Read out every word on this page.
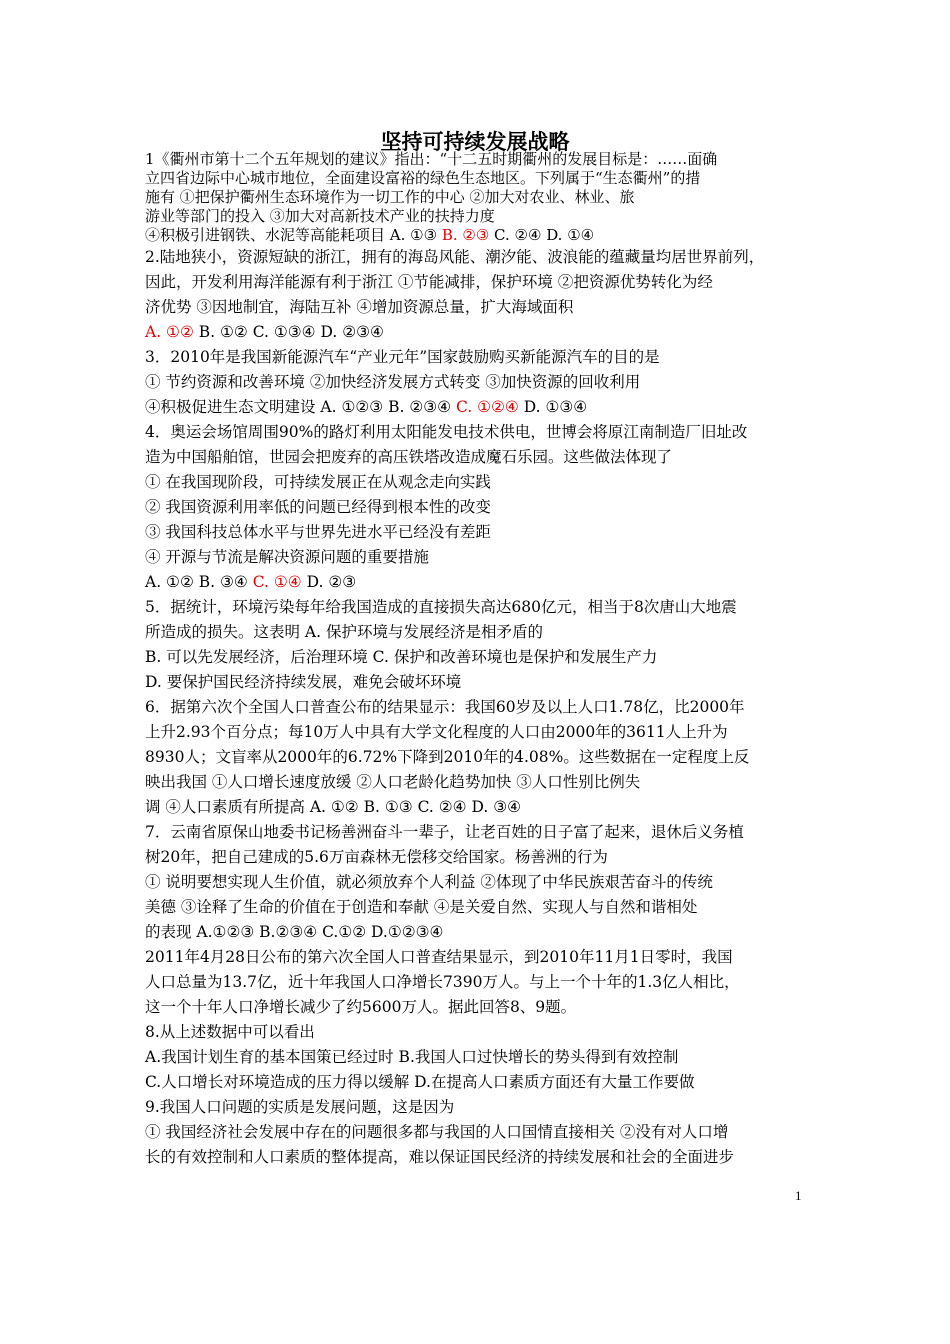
坚持可持续发展战略
1《衢州市第十二个五年规划的建议》指出：“十二五时期衢州的发展目标是：……面确
立四省边际中心城市地位，全面建设富裕的绿色生态地区。下列属于“生态衢州”的措
施有 ①把保护衢州生态环境作为一切工作的中心 ②加大对农业、林业、旅
游业等部门的投入 ③加大对高新技术产业的扶持力度
④积极引进钢铁、水泥等高能耗项目 A. ①③ B. ②③ C. ②④ D. ①④
2.陆地狭小，资源短缺的浙江，拥有的海岛风能、潮汐能、波浪能的蕴藏量均居世界前列，
因此，开发利用海洋能源有利于浙江 ①节能减排，保护环境 ②把资源优势转化为经
济优势 ③因地制宜，海陆互补 ④增加资源总量，扩大海域面积
A. ①② B. ①② C. ①③④ D. ②③④
3．2010年是我国新能源汽车“产业元年”国家鼓励购买新能源汽车的目的是
① 节约资源和改善环境 ②加快经济发展方式转变 ③加快资源的回收利用
④积极促进生态文明建设 A. ①②③ B. ②③④ C. ①②④ D. ①③④
4．奥运会场馆周围90%的路灯利用太阳能发电技术供电，世博会将原江南制造厂旧址改
造为中国船舶馆，世园会把废弃的高压铁塔改造成魔石乐园。这些做法体现了
① 在我国现阶段，可持续发展正在从观念走向实践
② 我国资源利用率低的问题已经得到根本性的改变
③ 我国科技总体水平与世界先进水平已经没有差距
④ 开源与节流是解决资源问题的重要措施
A. ①② B. ③④ C. ①④ D. ②③
5．据统计，环境污染每年给我国造成的直接损失高达680亿元，相当于8次唐山大地震
所造成的损失。这表明 A. 保护环境与发展经济是相矛盾的
B. 可以先发展经济，后治理环境 C. 保护和改善环境也是保护和发展生产力
D. 要保护国民经济持续发展，难免会破坏环境
6．据第六次个全国人口普查公布的结果显示：我国60岁及以上人口1.78亿，比2000年
上升2.93个百分点；每10万人中具有大学文化程度的人口由2000年的3611人上升为
8930人；文盲率从2000年的6.72%下降到2010年的4.08%。这些数据在一定程度上反
映出我国 ①人口增长速度放缓 ②人口老龄化趋势加快 ③人口性别比例失
调 ④人口素质有所提高 A. ①② B. ①③ C. ②④ D. ③④
7．云南省原保山地委书记杨善洲奋斗一辈子，让老百姓的日子富了起来，退休后义务植
树20年，把自己建成的5.6万亩森林无偿移交给国家。杨善洲的行为
① 说明要想实现人生价值，就必须放弃个人利益 ②体现了中华民族艰苦奋斗的传统
美德 ③诠释了生命的价值在于创造和奉献 ④是关爱自然、实现人与自然和谐相处
的表现 A.①②③ B.②③④ C.①② D.①②③④
2011年4月28日公布的第六次全国人口普查结果显示，到2010年11月1日零时，我国
人口总量为13.7亿，近十年我国人口净增长7390万人。与上一个十年的1.3亿人相比，
这一个十年人口净增长减少了约5600万人。据此回答8、9题。
8.从上述数据中可以看出
A.我国计划生育的基本国策已经过时 B.我国人口过快增长的势头得到有效控制
C.人口增长对环境造成的压力得以缓解 D.在提高人口素质方面还有大量工作要做
9.我国人口问题的实质是发展问题，这是因为
① 我国经济社会发展中存在的问题很多都与我国的人口国情直接相关 ②没有对人口增
长的有效控制和人口素质的整体提高，难以保证国民经济的持续发展和社会的全面进步
1
